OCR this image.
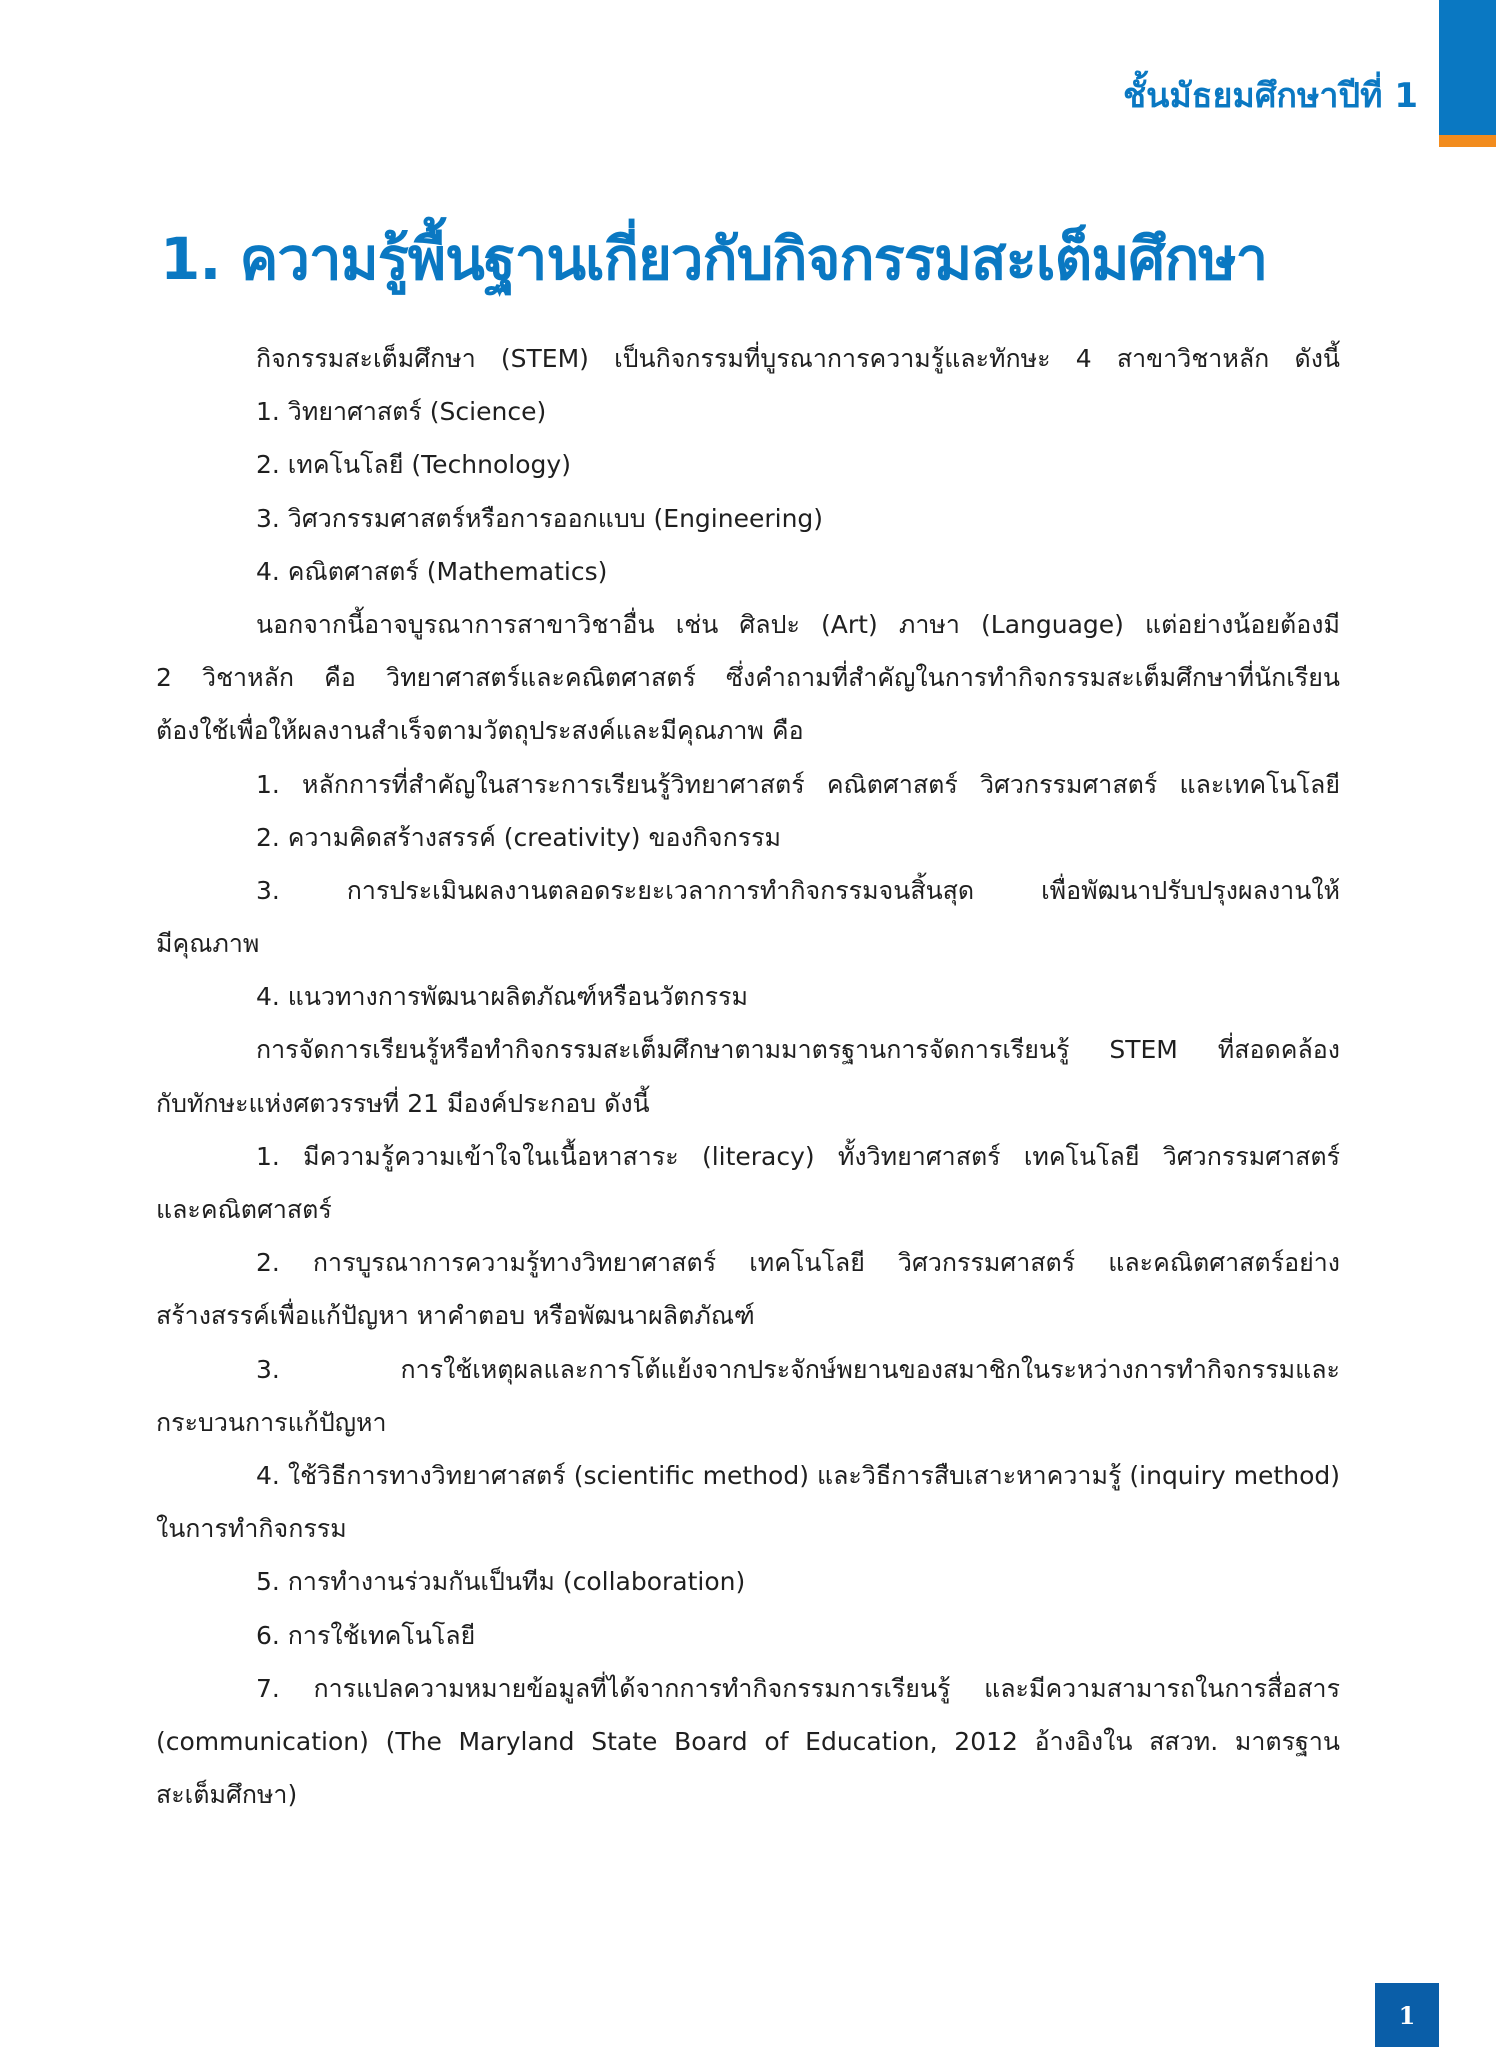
ชั้นมัธยมศึกษาปีที่ 1
1. ความรู้พื้นฐานเกี่ยวกับกิจกรรมสะเต็มศึกษา
กิจกรรมสะเต็มศึกษา (STEM) เป็นกิจกรรมที่บูรณาการความรู้และทักษะ 4 สาขาวิชาหลัก ดังนี้
1. วิทยาศาสตร์ (Science)
2. เทคโนโลยี (Technology)
3. วิศวกรรมศาสตร์หรือการออกแบบ (Engineering)
4. คณิตศาสตร์ (Mathematics)
นอกจากนี้อาจบูรณาการสาขาวิชาอื่น เช่น ศิลปะ (Art) ภาษา (Language) แต่อย่างน้อยต้องมี
2 วิชาหลัก คือ วิทยาศาสตร์และคณิตศาสตร์ ซึ่งคำถามที่สำคัญในการทำกิจกรรมสะเต็มศึกษาที่นักเรียน
ต้องใช้เพื่อให้ผลงานสำเร็จตามวัตถุประสงค์และมีคุณภาพ คือ
1. หลักการที่สำคัญในสาระการเรียนรู้วิทยาศาสตร์ คณิตศาสตร์ วิศวกรรมศาสตร์ และเทคโนโลยี
2. ความคิดสร้างสรรค์ (creativity) ของกิจกรรม
3. การประเมินผลงานตลอดระยะเวลาการทำกิจกรรมจนสิ้นสุด เพื่อพัฒนาปรับปรุงผลงานให้
มีคุณภาพ
4. แนวทางการพัฒนาผลิตภัณฑ์หรือนวัตกรรม
การจัดการเรียนรู้หรือทำกิจกรรมสะเต็มศึกษาตามมาตรฐานการจัดการเรียนรู้ STEM ที่สอดคล้อง
กับทักษะแห่งศตวรรษที่ 21 มีองค์ประกอบ ดังนี้
1. มีความรู้ความเข้าใจในเนื้อหาสาระ (literacy) ทั้งวิทยาศาสตร์ เทคโนโลยี วิศวกรรมศาสตร์
และคณิตศาสตร์
2. การบูรณาการความรู้ทางวิทยาศาสตร์ เทคโนโลยี วิศวกรรมศาสตร์ และคณิตศาสตร์อย่าง
สร้างสรรค์เพื่อแก้ปัญหา หาคำตอบ หรือพัฒนาผลิตภัณฑ์
3. การใช้เหตุผลและการโต้แย้งจากประจักษ์พยานของสมาชิกในระหว่างการทำกิจกรรมและ
กระบวนการแก้ปัญหา
4. ใช้วิธีการทางวิทยาศาสตร์ (scientific method) และวิธีการสืบเสาะหาความรู้ (inquiry method)
ในการทำกิจกรรม
5. การทำงานร่วมกันเป็นทีม (collaboration)
6. การใช้เทคโนโลยี
7. การแปลความหมายข้อมูลที่ได้จากการทำกิจกรรมการเรียนรู้ และมีความสามารถในการสื่อสาร
(communication) (The Maryland State Board of Education, 2012 อ้างอิงใน สสวท. มาตรฐาน
สะเต็มศึกษา)
1
